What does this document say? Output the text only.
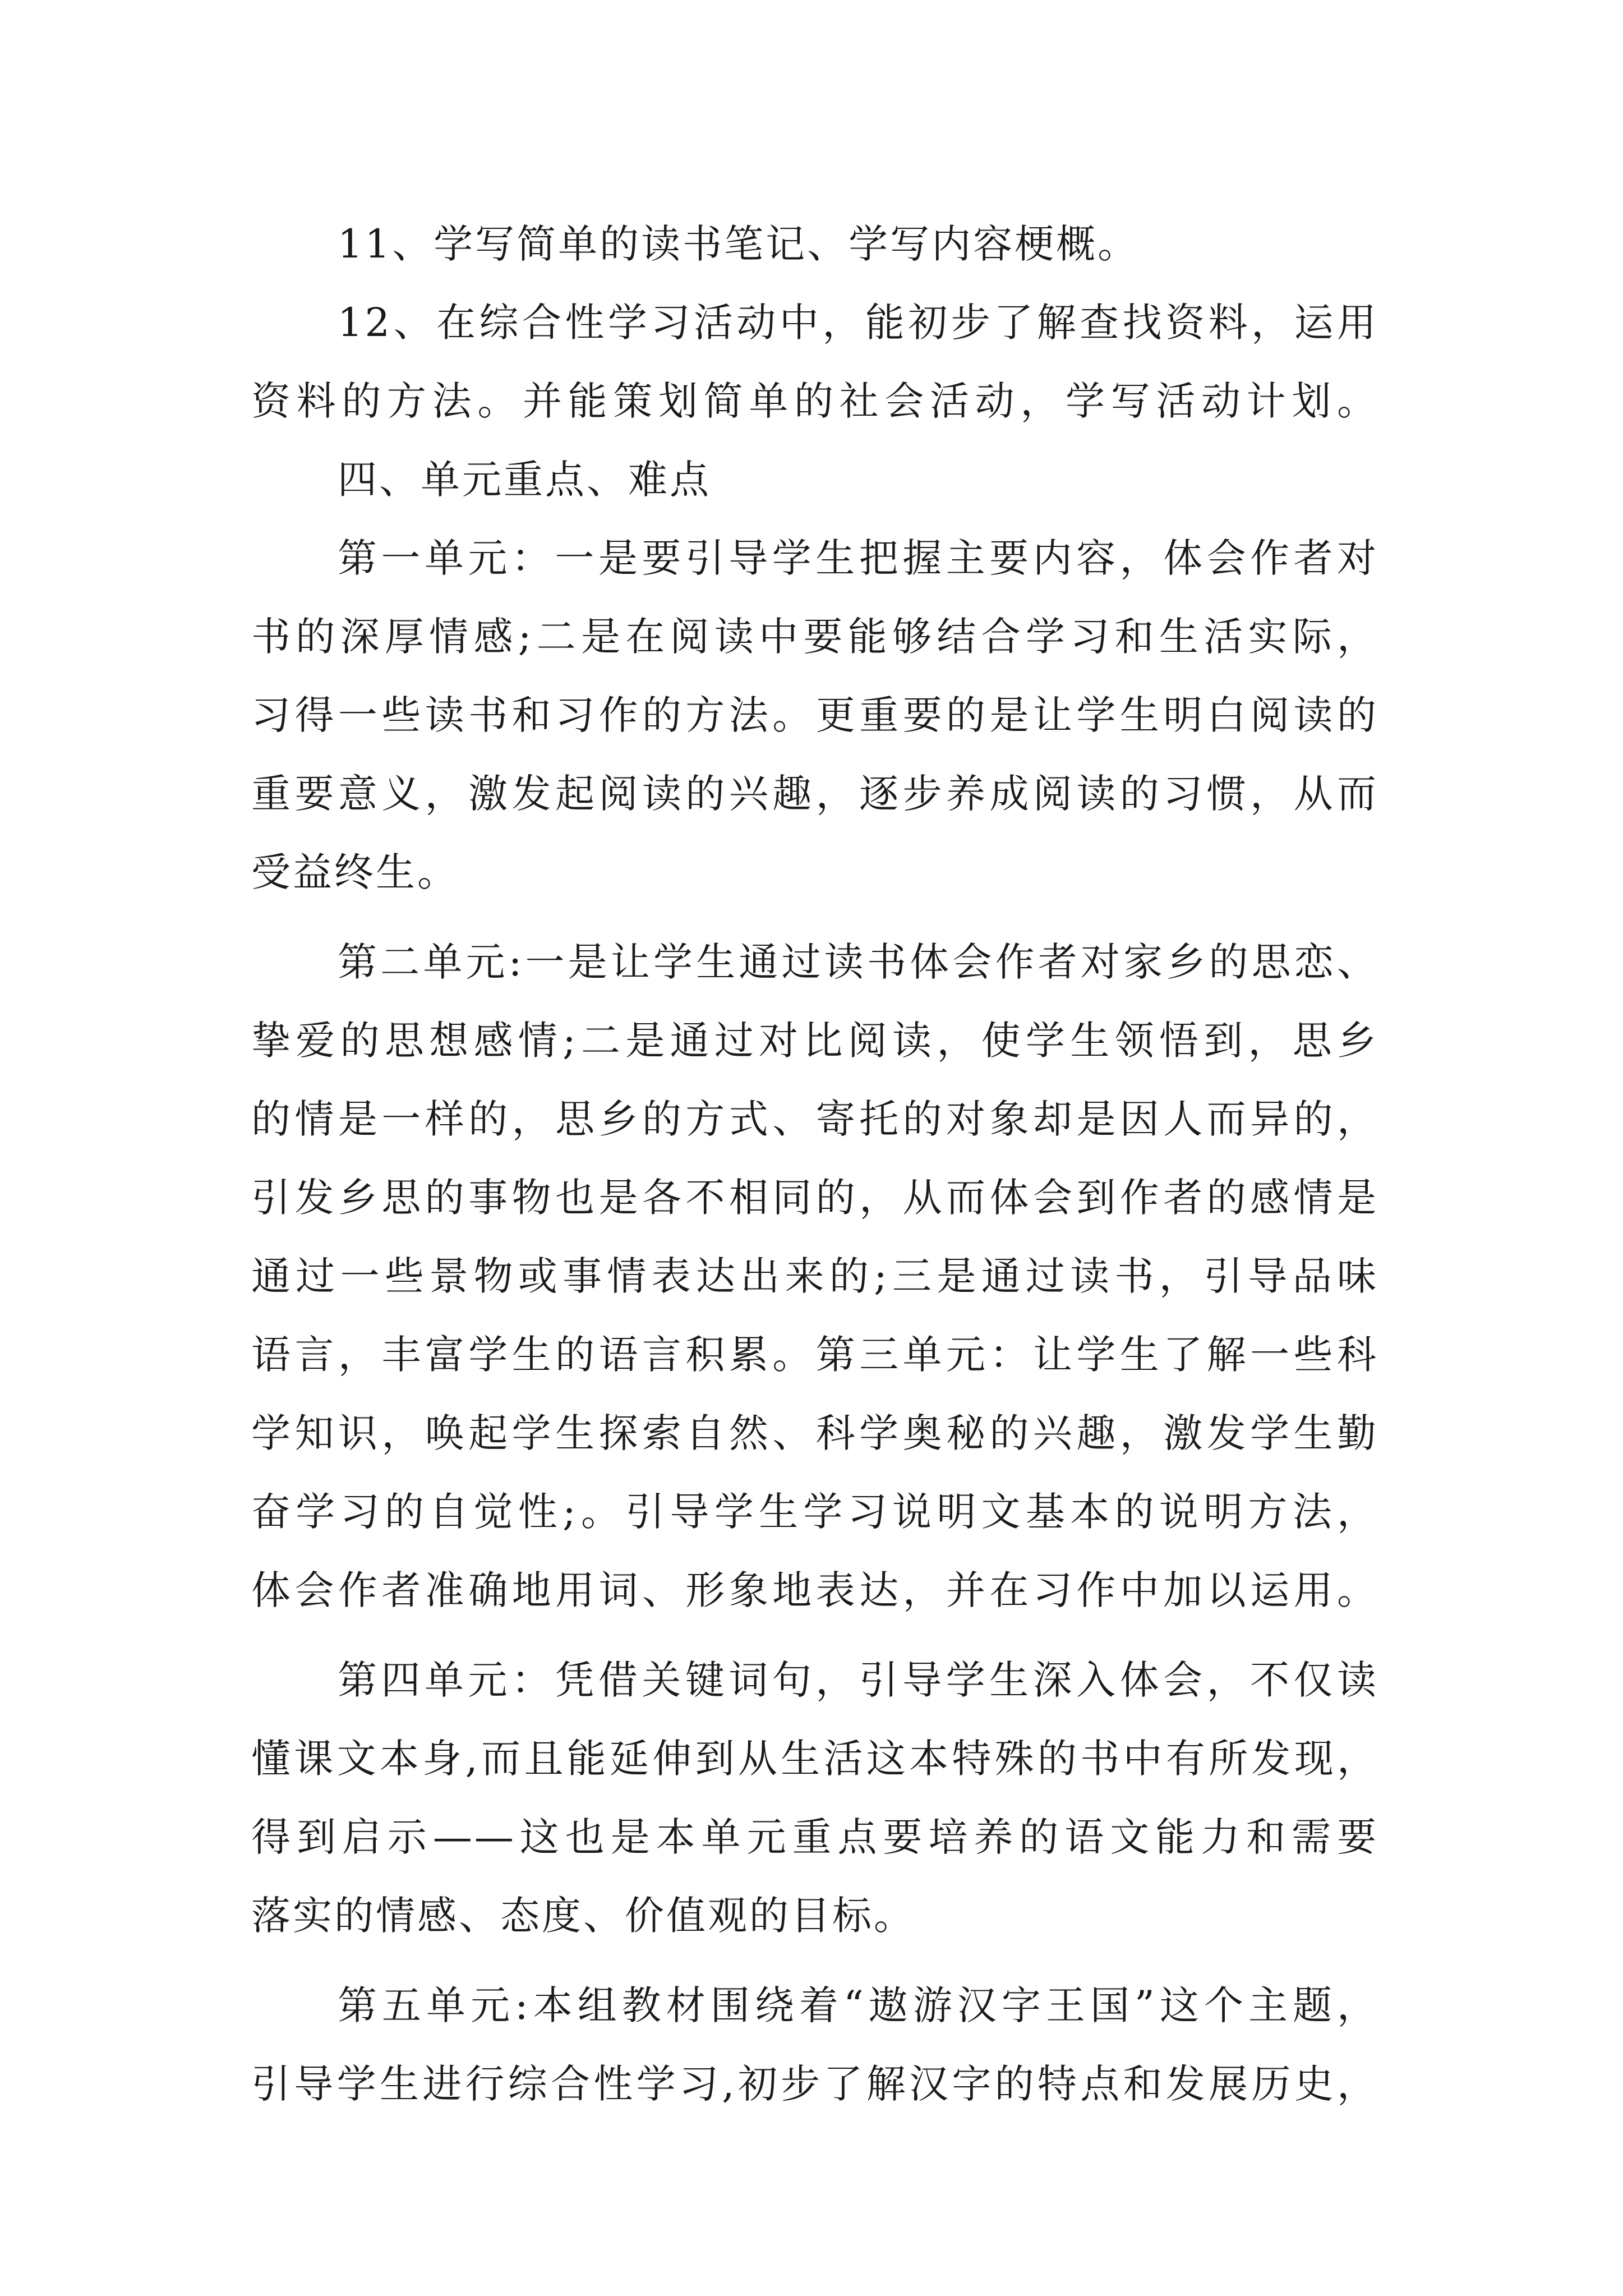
11、学写简单的读书笔记、学写内容梗概。
12、在综合性学习活动中，能初步了解查找资料，运用
资料的方法。并能策划简单的社会活动，学写活动计划。
四、单元重点、难点
第一单元：一是要引导学生把握主要内容，体会作者对
书的深厚情感;二是在阅读中要能够结合学习和生活实际，
习得一些读书和习作的方法。更重要的是让学生明白阅读的
重要意义，激发起阅读的兴趣，逐步养成阅读的习惯，从而
受益终生。
第二单元:一是让学生通过读书体会作者对家乡的思恋、
挚爱的思想感情;二是通过对比阅读，使学生领悟到，思乡
的情是一样的，思乡的方式、寄托的对象却是因人而异的，
引发乡思的事物也是各不相同的，从而体会到作者的感情是
通过一些景物或事情表达出来的;三是通过读书，引导品味
语言，丰富学生的语言积累。第三单元：让学生了解一些科
学知识，唤起学生探索自然、科学奥秘的兴趣，激发学生勤
奋学习的自觉性;。引导学生学习说明文基本的说明方法，
体会作者准确地用词、形象地表达，并在习作中加以运用。
第四单元：凭借关键词句，引导学生深入体会，不仅读
懂课文本身,而且能延伸到从生活这本特殊的书中有所发现，
得到启示——这也是本单元重点要培养的语文能力和需要
落实的情感、态度、价值观的目标。
第五单元:本组教材围绕着“遨游汉字王国”这个主题，
引导学生进行综合性学习,初步了解汉字的特点和发展历史，
